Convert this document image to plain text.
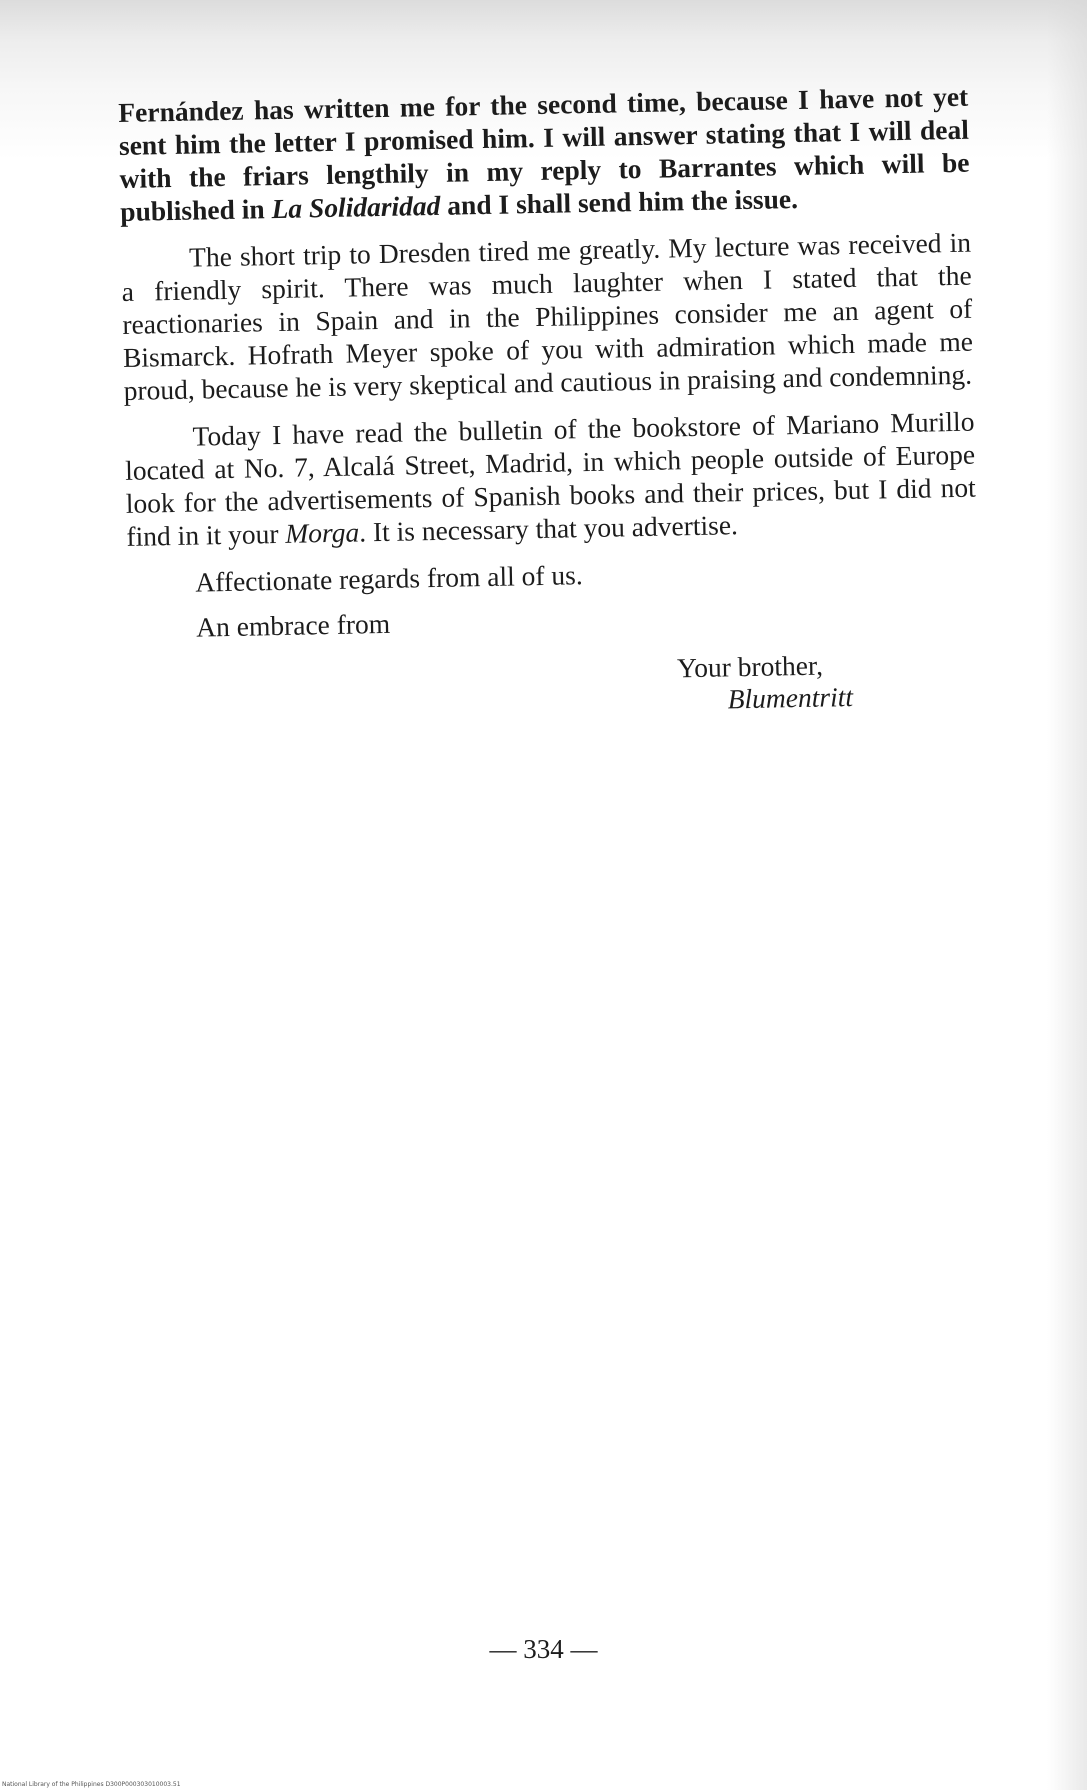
Fernández has written me for the second time, because I have not yet sent him the letter I promised him. I will answer stating that I will deal with the friars lengthily in my reply to Barrantes which will be published in La Solidaridad and I shall send him the issue.

The short trip to Dresden tired me greatly. My lecture was received in a friendly spirit. There was much laughter when I stated that the reactionaries in Spain and in the Philippines consider me an agent of Bismarck. Hofrath Meyer spoke of you with admiration which made me proud, because he is very skeptical and cautious in praising and condemning.

Today I have read the bulletin of the bookstore of Mariano Murillo located at No. 7, Alcalá Street, Madrid, in which people outside of Europe look for the advertisements of Spanish books and their prices, but I did not find in it your Morga. It is necessary that you advertise.

Affectionate regards from all of us.

An embrace from

Your brother,
Blumentritt
— 334 —
National Library of the Philippines D300P000303010003.51
